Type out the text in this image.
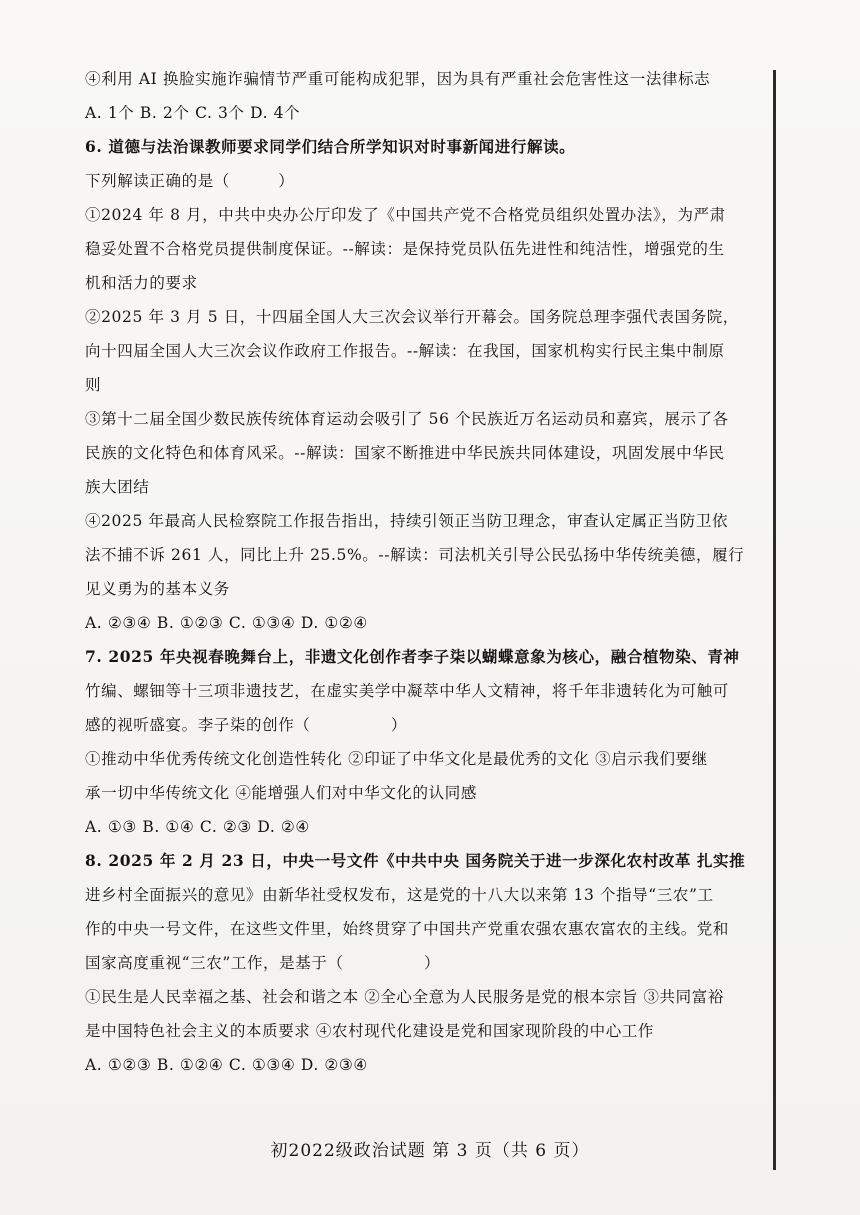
④利用 AI 换脸实施诈骗情节严重可能构成犯罪，因为具有严重社会危害性这一法律标志
A. 1个 B. 2个 C. 3个 D. 4个
6. 道德与法治课教师要求同学们结合所学知识对时事新闻进行解读。
下列解读正确的是（　　　）
①2024 年 8 月，中共中央办公厅印发了《中国共产党不合格党员组织处置办法》，为严肃
稳妥处置不合格党员提供制度保证。--解读：是保持党员队伍先进性和纯洁性，增强党的生
机和活力的要求
②2025 年 3 月 5 日，十四届全国人大三次会议举行开幕会。国务院总理李强代表国务院，
向十四届全国人大三次会议作政府工作报告。--解读：在我国，国家机构实行民主集中制原
则
③第十二届全国少数民族传统体育运动会吸引了 56 个民族近万名运动员和嘉宾，展示了各
民族的文化特色和体育风采。--解读：国家不断推进中华民族共同体建设，巩固发展中华民
族大团结
④2025 年最高人民检察院工作报告指出，持续引领正当防卫理念，审查认定属正当防卫依
法不捕不诉 261 人，同比上升 25.5%。--解读：司法机关引导公民弘扬中华传统美德，履行
见义勇为的基本义务
A. ②③④ B. ①②③ C. ①③④ D. ①②④
7. 2025 年央视春晚舞台上，非遗文化创作者李子柒以蝴蝶意象为核心，融合植物染、青神
竹编、螺钿等十三项非遗技艺，在虚实美学中凝萃中华人文精神，将千年非遗转化为可触可
感的视听盛宴。李子柒的创作（　　　　　）
①推动中华优秀传统文化创造性转化 ②印证了中华文化是最优秀的文化 ③启示我们要继
承一切中华传统文化 ④能增强人们对中华文化的认同感
A. ①③ B. ①④ C. ②③ D. ②④
8. 2025 年 2 月 23 日，中央一号文件《中共中央 国务院关于进一步深化农村改革 扎实推
进乡村全面振兴的意见》由新华社受权发布，这是党的十八大以来第 13 个指导“三农”工
作的中央一号文件，在这些文件里，始终贯穿了中国共产党重农强农惠农富农的主线。党和
国家高度重视“三农”工作，是基于（　　　　　）
①民生是人民幸福之基、社会和谐之本 ②全心全意为人民服务是党的根本宗旨 ③共同富裕
是中国特色社会主义的本质要求 ④农村现代化建设是党和国家现阶段的中心工作
A. ①②③ B. ①②④ C. ①③④ D. ②③④
初2022级政治试题 第 3 页（共 6 页）
